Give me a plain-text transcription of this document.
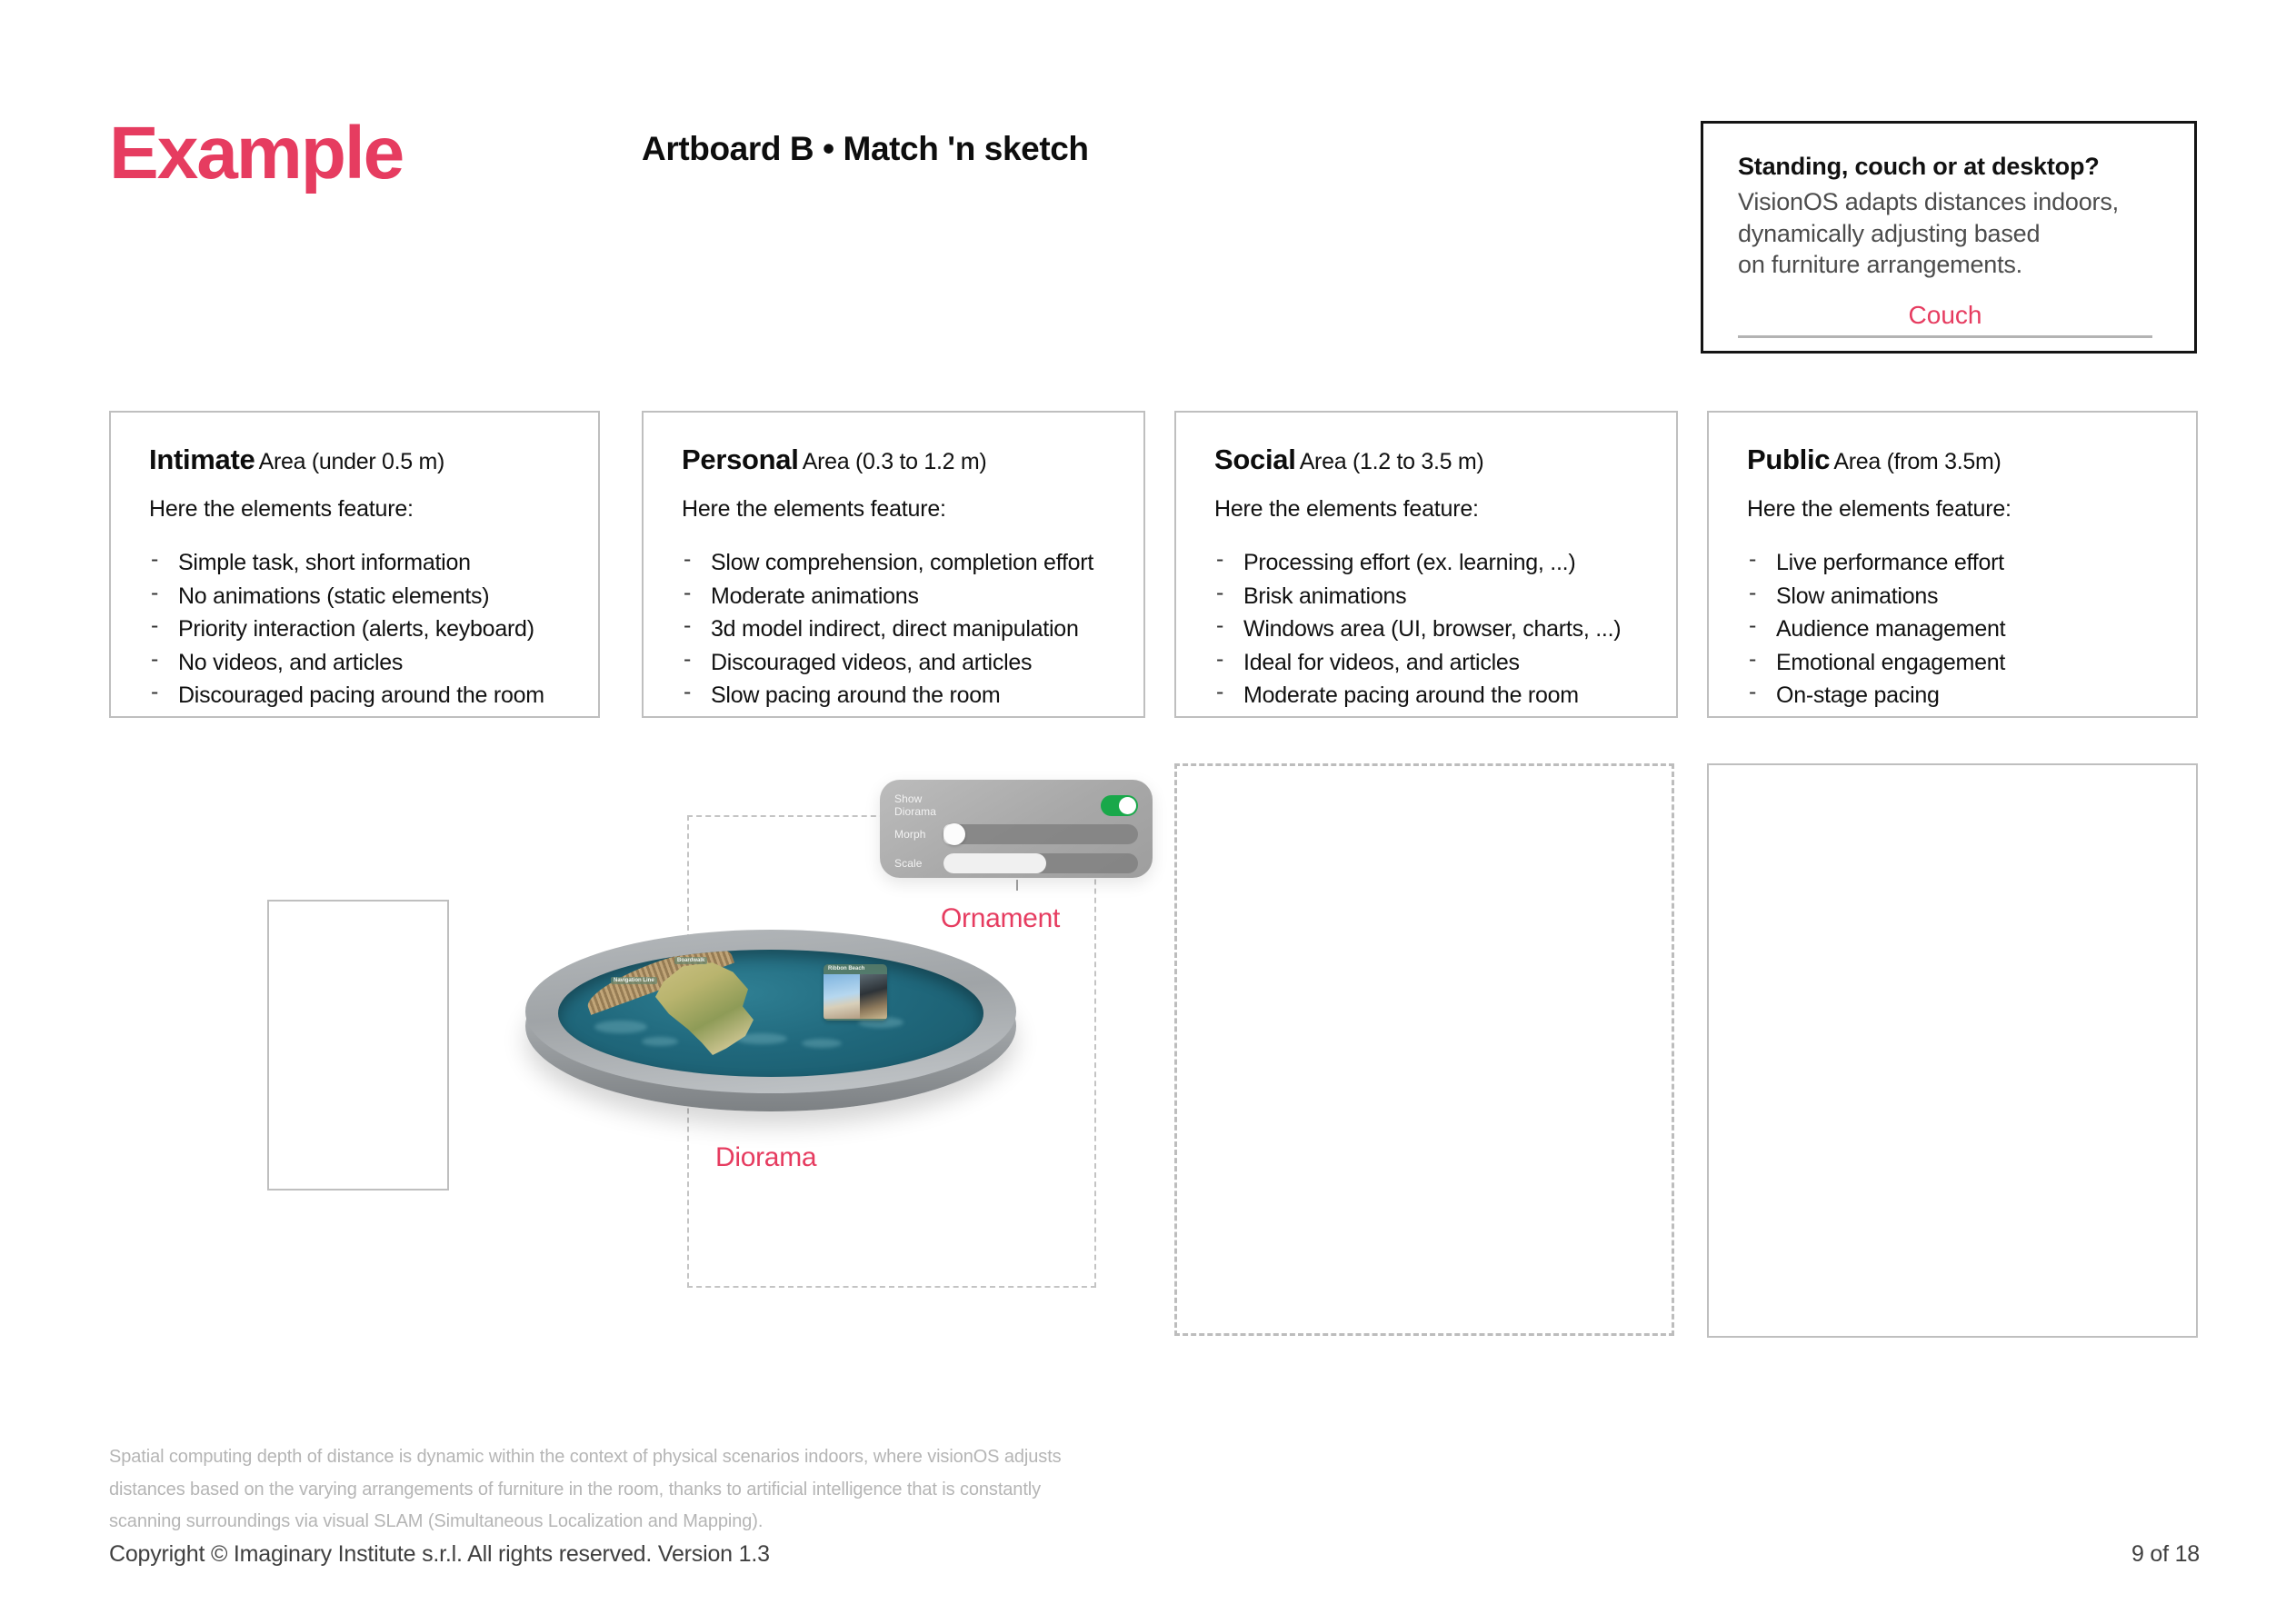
Example	Artboard B • Match 'n sketch	Standing, couch or at desktop?
VisionOS adapts distances indoors,
dynamically adjusting based
on furniture arrangements.
Couch
Intimate Area (under 0.5 m)
Here the elements feature:
- Simple task, short information
- No animations (static elements)
- Priority interaction (alerts, keyboard)
- No videos, and articles
- Discouraged pacing around the room
Personal Area (0.3 to 1.2 m)
Here the elements feature:
- Slow comprehension, completion effort
- Moderate animations
- 3d model indirect, direct manipulation
- Discouraged videos, and articles
- Slow pacing around the room
Social Area (1.2 to 3.5 m)
Here the elements feature:
- Processing effort (ex. learning, ...)
- Brisk animations
- Windows area (UI, browser, charts, ...)
- Ideal for videos, and articles
- Moderate pacing around the room
Public Area (from 3.5m)
Here the elements feature:
- Live performance effort
- Slow animations
- Audience management
- Emotional engagement
- On-stage pacing
Boardwalk
Navigation Line
Ribbon Beach
Show Diorama
Morph
Scale
Ornament
Diorama
Spatial computing depth of distance is dynamic within the context of physical scenarios indoors, where visionOS adjusts distances based on the varying arrangements of furniture in the room, thanks to artificial intelligence that is constantly scanning surroundings via visual SLAM (Simultaneous Localization and Mapping).
Copyright © Imaginary Institute s.r.l. All rights reserved. Version 1.3	9 of 18
